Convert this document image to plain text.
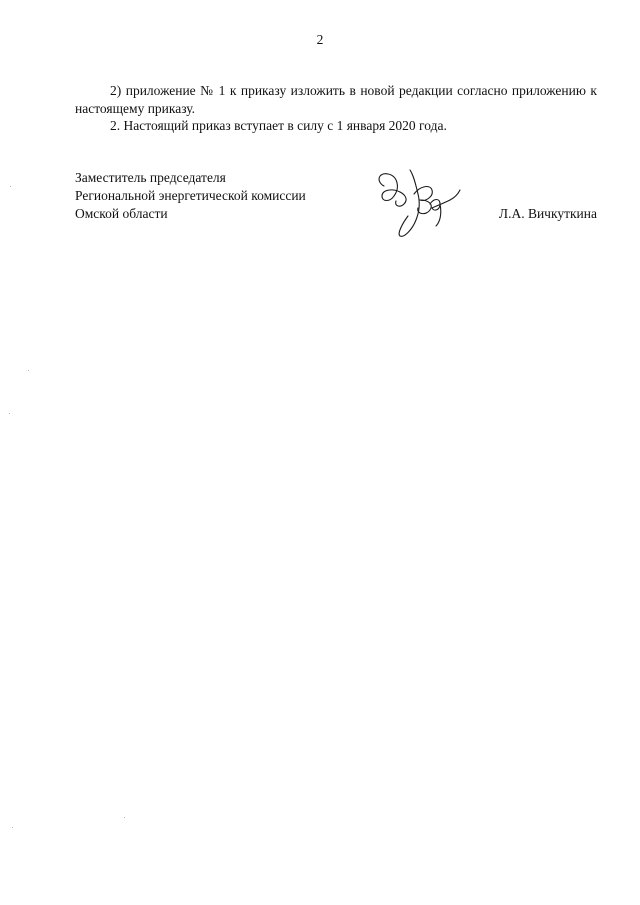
2
2) приложение № 1 к приказу изложить в новой редакции согласно приложению к настоящему приказу.
2. Настоящий приказ вступает в силу с 1 января 2020 года.
Заместитель председателя
Региональной энергетической комиссии
Омской области	Л.А. Вичкуткина
